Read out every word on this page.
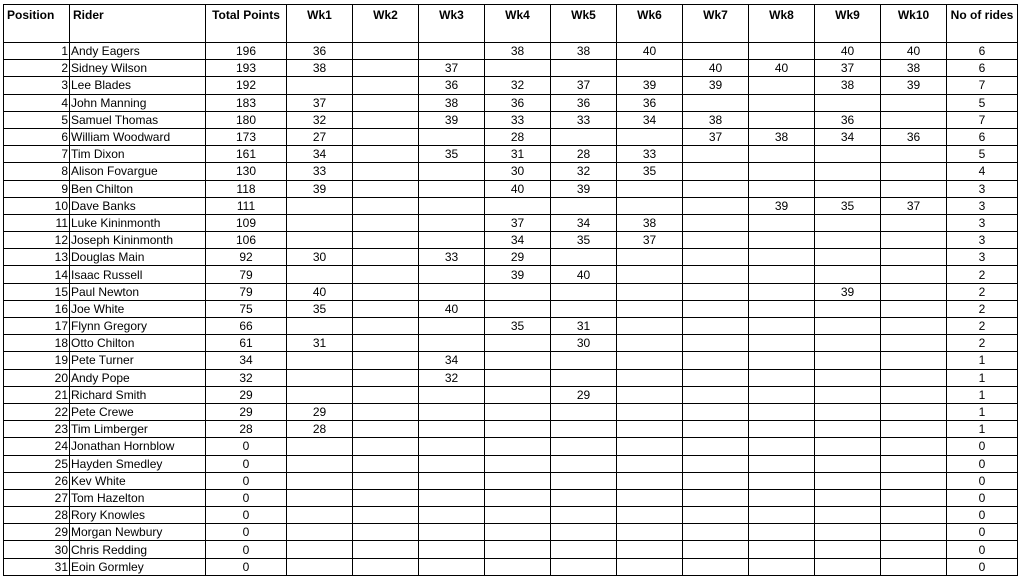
Position	Rider	Total Points	Wk1	Wk2	Wk3	Wk4	Wk5	Wk6	Wk7	Wk8	Wk9	Wk10	No of rides
1	Andy Eagers	196	36			38	38	40			40	40	6
2	Sidney Wilson	193	38		37				40	40	37	38	6
3	Lee Blades	192			36	32	37	39	39		38	39	7
4	John Manning	183	37		38	36	36	36					5
5	Samuel Thomas	180	32		39	33	33	34	38		36		7
6	William Woodward	173	27			28			37	38	34	36	6
7	Tim Dixon	161	34		35	31	28	33					5
8	Alison Fovargue	130	33			30	32	35					4
9	Ben Chilton	118	39			40	39						3
10	Dave Banks	111								39	35	37	3
11	Luke Kininmonth	109				37	34	38					3
12	Joseph Kininmonth	106				34	35	37					3
13	Douglas Main	92	30		33	29							3
14	Isaac Russell	79				39	40						2
15	Paul Newton	79	40								39		2
16	Joe White	75	35		40								2
17	Flynn Gregory	66				35	31						2
18	Otto Chilton	61	31				30						2
19	Pete Turner	34			34								1
20	Andy Pope	32			32								1
21	Richard Smith	29					29						1
22	Pete Crewe	29	29										1
23	Tim Limberger	28	28										1
24	Jonathan Hornblow	0											0
25	Hayden Smedley	0											0
26	Kev White	0											0
27	Tom Hazelton	0											0
28	Rory Knowles	0											0
29	Morgan Newbury	0											0
30	Chris Redding	0											0
31	Eoin Gormley	0											0
